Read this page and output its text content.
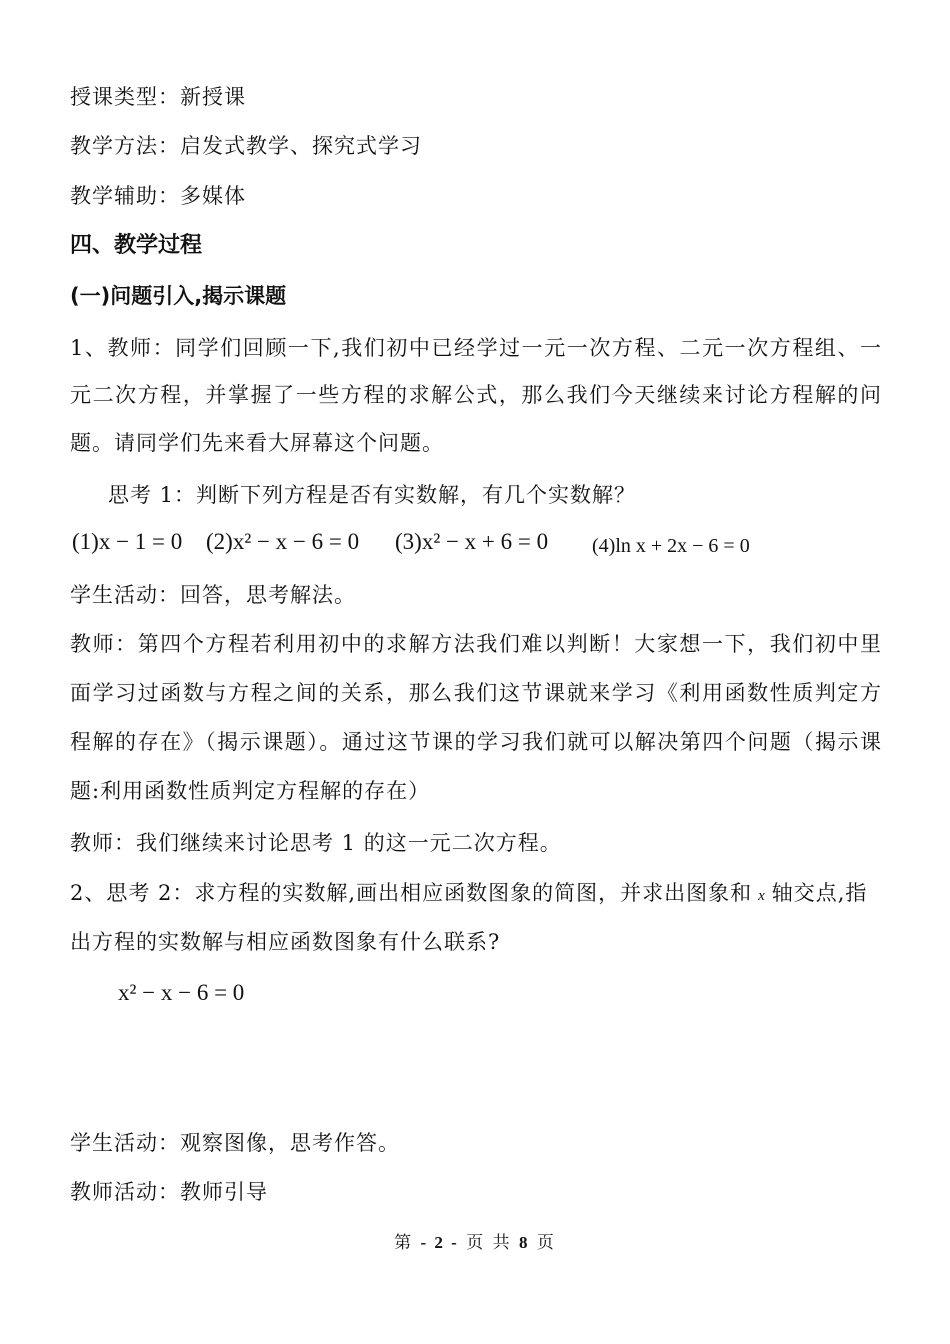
授课类型：新授课
教学方法：启发式教学、探究式学习
教学辅助：多媒体
四、教学过程
(一)问题引入,揭示课题
1、教师：同学们回顾一下,我们初中已经学过一元一次方程、二元一次方程组、一
元二次方程，并掌握了一些方程的求解公式，那么我们今天继续来讨论方程解的问
题。请同学们先来看大屏幕这个问题。
思考 1：判断下列方程是否有实数解，有几个实数解？
(1)x − 1 = 0 (2)x² − x − 6 = 0 (3)x² − x + 6 = 0 (4)ln x + 2x − 6 = 0
学生活动：回答，思考解法。
教师：第四个方程若利用初中的求解方法我们难以判断！大家想一下，我们初中里
面学习过函数与方程之间的关系，那么我们这节课就来学习《利用函数性质判定方
程解的存在》（揭示课题）。通过这节课的学习我们就可以解决第四个问题（揭示课
题:利用函数性质判定方程解的存在）
教师：我们继续来讨论思考 1 的这一元二次方程。
2、思考 2：求方程的实数解,画出相应函数图象的简图，并求出图象和 x 轴交点,指
出方程的实数解与相应函数图象有什么联系?
x² − x − 6 = 0
学生活动：观察图像，思考作答。
教师活动：教师引导
第 - 2 - 页 共 8 页
